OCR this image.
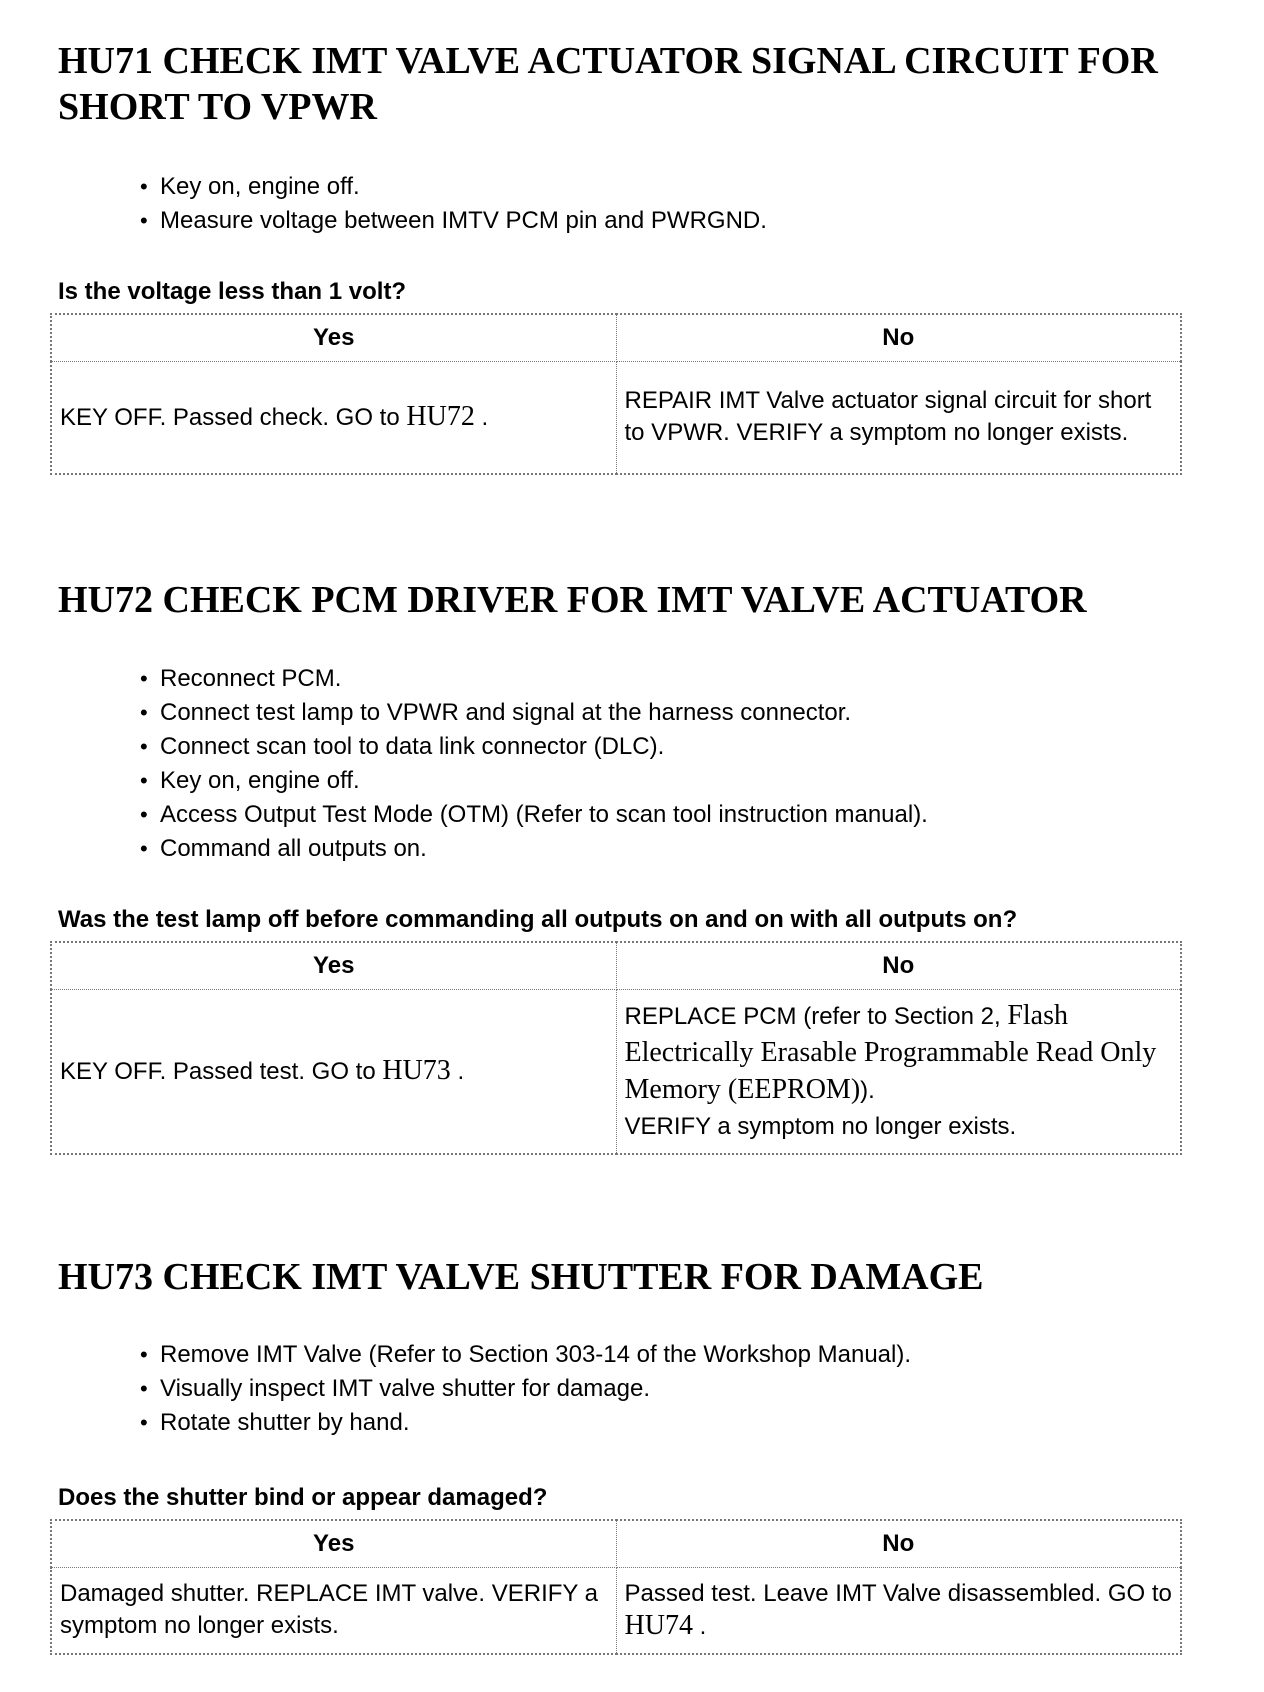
HU71 CHECK IMT VALVE ACTUATOR SIGNAL CIRCUIT FOR
SHORT TO VPWR
• Key on, engine off.
• Measure voltage between IMTV PCM pin and PWRGND.

Is the voltage less than 1 volt?

Yes	No
KEY OFF. Passed check. GO to HU72 .	REPAIR IMT Valve actuator signal circuit for short to VPWR. VERIFY a symptom no longer exists.
HU72 CHECK PCM DRIVER FOR IMT VALVE ACTUATOR
• Reconnect PCM.
• Connect test lamp to VPWR and signal at the harness connector.
• Connect scan tool to data link connector (DLC).
• Key on, engine off.
• Access Output Test Mode (OTM) (Refer to scan tool instruction manual).
• Command all outputs on.

Was the test lamp off before commanding all outputs on and on with all outputs on?

Yes	No
KEY OFF. Passed test. GO to HU73 .	REPLACE PCM (refer to Section 2, Flash Electrically Erasable Programmable Read Only Memory (EEPROM)).
VERIFY a symptom no longer exists.
HU73 CHECK IMT VALVE SHUTTER FOR DAMAGE
• Remove IMT Valve (Refer to Section 303-14 of the Workshop Manual).
• Visually inspect IMT valve shutter for damage.
• Rotate shutter by hand.

Does the shutter bind or appear damaged?

Yes	No
Damaged shutter. REPLACE IMT valve. VERIFY a symptom no longer exists.	Passed test. Leave IMT Valve disassembled. GO to HU74 .
